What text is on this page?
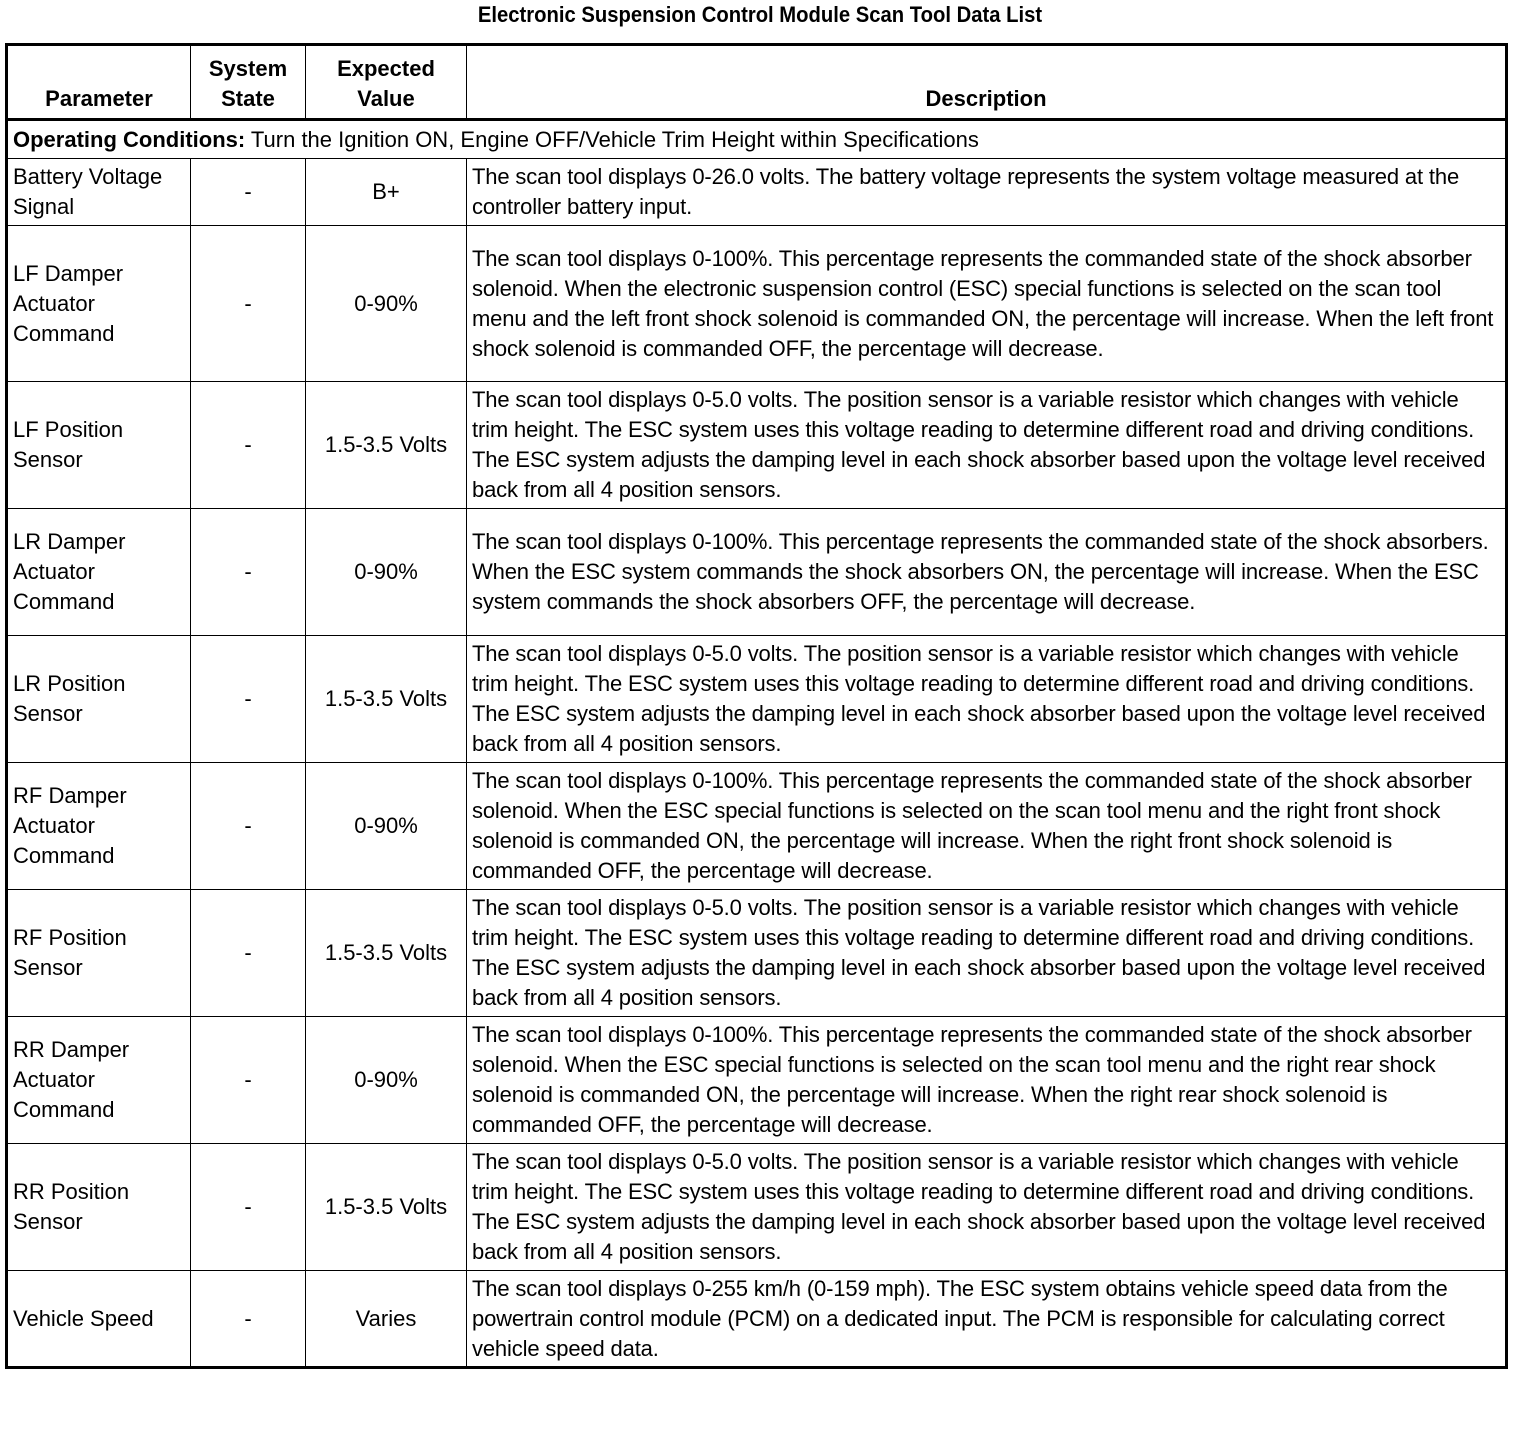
Electronic Suspension Control Module Scan Tool Data List
Parameter	System State	Expected Value	Description
Operating Conditions: Turn the Ignition ON, Engine OFF/Vehicle Trim Height within Specifications			
Battery Voltage Signal	-	B+	The scan tool displays 0-26.0 volts. The battery voltage represents the system voltage measured at the controller battery input.
LF Damper Actuator Command	-	0-90%	The scan tool displays 0-100%. This percentage represents the commanded state of the shock absorber solenoid. When the electronic suspension control (ESC) special functions is selected on the scan tool menu and the left front shock solenoid is commanded ON, the percentage will increase. When the left front shock solenoid is commanded OFF, the percentage will decrease.
LF Position Sensor	-	1.5-3.5 Volts	The scan tool displays 0-5.0 volts. The position sensor is a variable resistor which changes with vehicle trim height. The ESC system uses this voltage reading to determine different road and driving conditions. The ESC system adjusts the damping level in each shock absorber based upon the voltage level received back from all 4 position sensors.
LR Damper Actuator Command	-	0-90%	The scan tool displays 0-100%. This percentage represents the commanded state of the shock absorbers. When the ESC system commands the shock absorbers ON, the percentage will increase. When the ESC system commands the shock absorbers OFF, the percentage will decrease.
LR Position Sensor	-	1.5-3.5 Volts	The scan tool displays 0-5.0 volts. The position sensor is a variable resistor which changes with vehicle trim height. The ESC system uses this voltage reading to determine different road and driving conditions. The ESC system adjusts the damping level in each shock absorber based upon the voltage level received back from all 4 position sensors.
RF Damper Actuator Command	-	0-90%	The scan tool displays 0-100%. This percentage represents the commanded state of the shock absorber solenoid. When the ESC special functions is selected on the scan tool menu and the right front shock solenoid is commanded ON, the percentage will increase. When the right front shock solenoid is commanded OFF, the percentage will decrease.
RF Position Sensor	-	1.5-3.5 Volts	The scan tool displays 0-5.0 volts. The position sensor is a variable resistor which changes with vehicle trim height. The ESC system uses this voltage reading to determine different road and driving conditions. The ESC system adjusts the damping level in each shock absorber based upon the voltage level received back from all 4 position sensors.
RR Damper Actuator Command	-	0-90%	The scan tool displays 0-100%. This percentage represents the commanded state of the shock absorber solenoid. When the ESC special functions is selected on the scan tool menu and the right rear shock solenoid is commanded ON, the percentage will increase. When the right rear shock solenoid is commanded OFF, the percentage will decrease.
RR Position Sensor	-	1.5-3.5 Volts	The scan tool displays 0-5.0 volts. The position sensor is a variable resistor which changes with vehicle trim height. The ESC system uses this voltage reading to determine different road and driving conditions. The ESC system adjusts the damping level in each shock absorber based upon the voltage level received back from all 4 position sensors.
Vehicle Speed	-	Varies	The scan tool displays 0-255 km/h (0-159 mph). The ESC system obtains vehicle speed data from the powertrain control module (PCM) on a dedicated input. The PCM is responsible for calculating correct vehicle speed data.
